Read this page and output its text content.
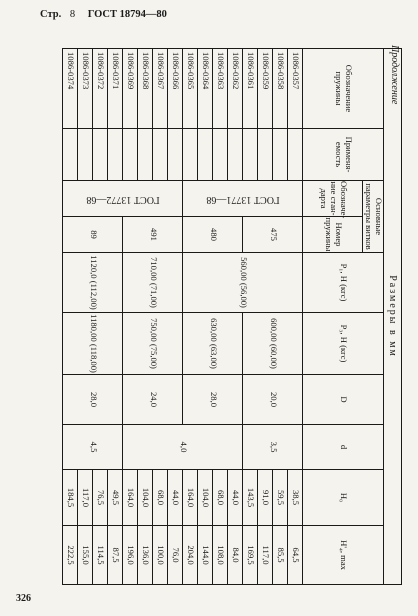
Стр. 8 ГОСТ 18794—80
Продолжение
Размеры в мм									
Обозначение пружины	Применя- емость	Основные параметры витков		P₁, Н (кгс)	P₃, Н (кгс)	D	d	H₀	H'₄, max
		Обозначе- ние стан- дарта	Номер пружины						
1086-0357		ГОСТ 13771—68	475	560,00 (56,00)	600,00 (60,00)	20,0	3,5	38,5	64,5
1086-0358								59,5	85,5
1086-0359								91,0	117,0
1086-0361								143,5	169,5
1086-0362			480		630,00 (63,00)	28,0	4,0	44,0	84,0
1086-0363								68,0	108,0
1086-0364								104,0	144,0
1086-0365								164,0	204,0
1086-0366		ГОСТ 13772—68	491	710,00 (71,00)	750,00 (75,00)	24,0		44,0	76,0
1086-0367								68,0	100,0
1086-0368								104,0	136,0
1086-0369								164,0	196,0
1086-0371			89	1120,0 (112,00)	1180,00 (118,00)	28,0	4,5	49,5	87,5
1086-0372								76,5	114,5
1086-0373								117,0	155,0
1086-0374								184,5	222,5
326
